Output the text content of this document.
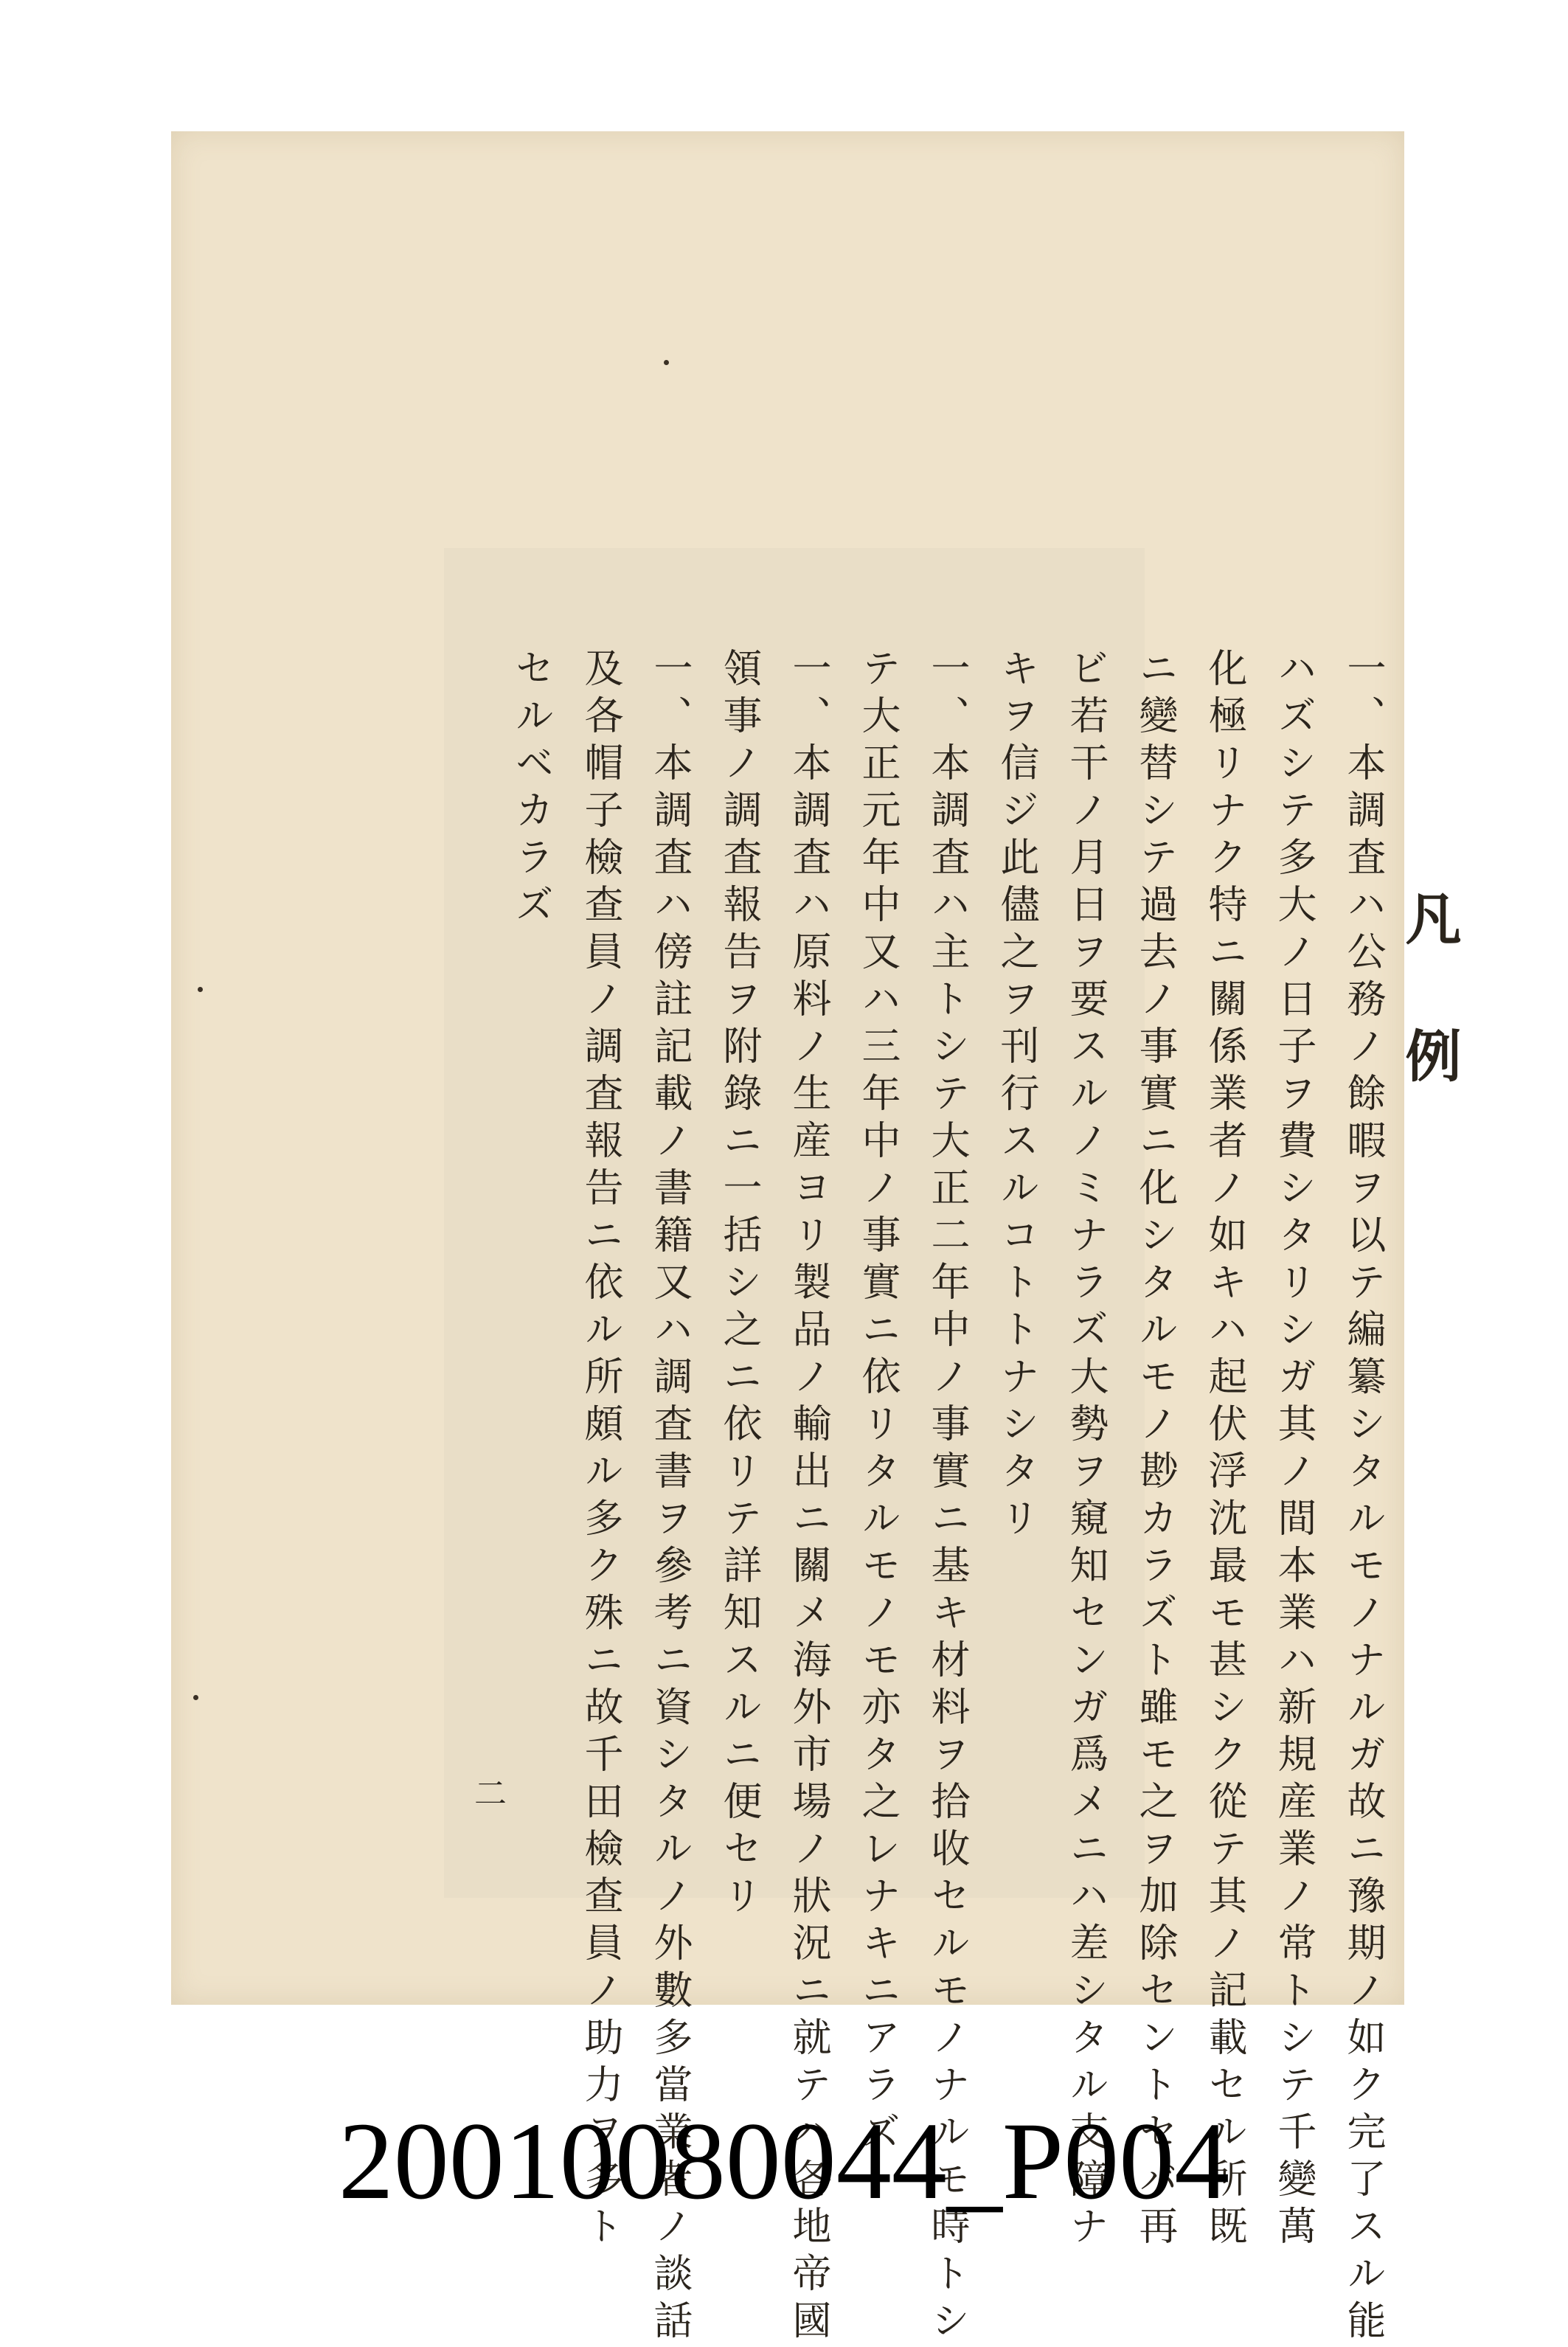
凡例
一、本調査ハ公務ノ餘暇ヲ以テ編纂シタルモノナルガ故ニ豫期ノ如ク完了スル能
ハズシテ多大ノ日子ヲ費シタリシガ其ノ間本業ハ新規産業ノ常トシテ千變萬
化極リナク特ニ關係業者ノ如キハ起伏浮沈最モ甚シク從テ其ノ記載セル所既
ニ變替シテ過去ノ事實ニ化シタルモノ尠カラズト雖モ之ヲ加除セントセバ再
ビ若干ノ月日ヲ要スルノミナラズ大勢ヲ窺知センガ爲メニハ差シタル支障ナ
キヲ信ジ此儘之ヲ刊行スルコトトナシタリ
一、本調査ハ主トシテ大正二年中ノ事實ニ基キ材料ヲ拾收セルモノナルモ時トシ
テ大正元年中又ハ三年中ノ事實ニ依リタルモノモ亦タ之レナキニアラズ
一、本調査ハ原料ノ生産ヨリ製品ノ輸出ニ關メ海外市場ノ狀況ニ就テハ各地帝國
領事ノ調査報告ヲ附錄ニ一括シ之ニ依リテ詳知スルニ便セリ
一、本調査ハ傍註記載ノ書籍又ハ調査書ヲ參考ニ資シタルノ外數多當業者ノ談話
及各帽子檢查員ノ調査報告ニ依ル所頗ル多ク殊ニ故千田檢查員ノ助力ヲ多ト
セルベカラズ
二
20010080044_P004
